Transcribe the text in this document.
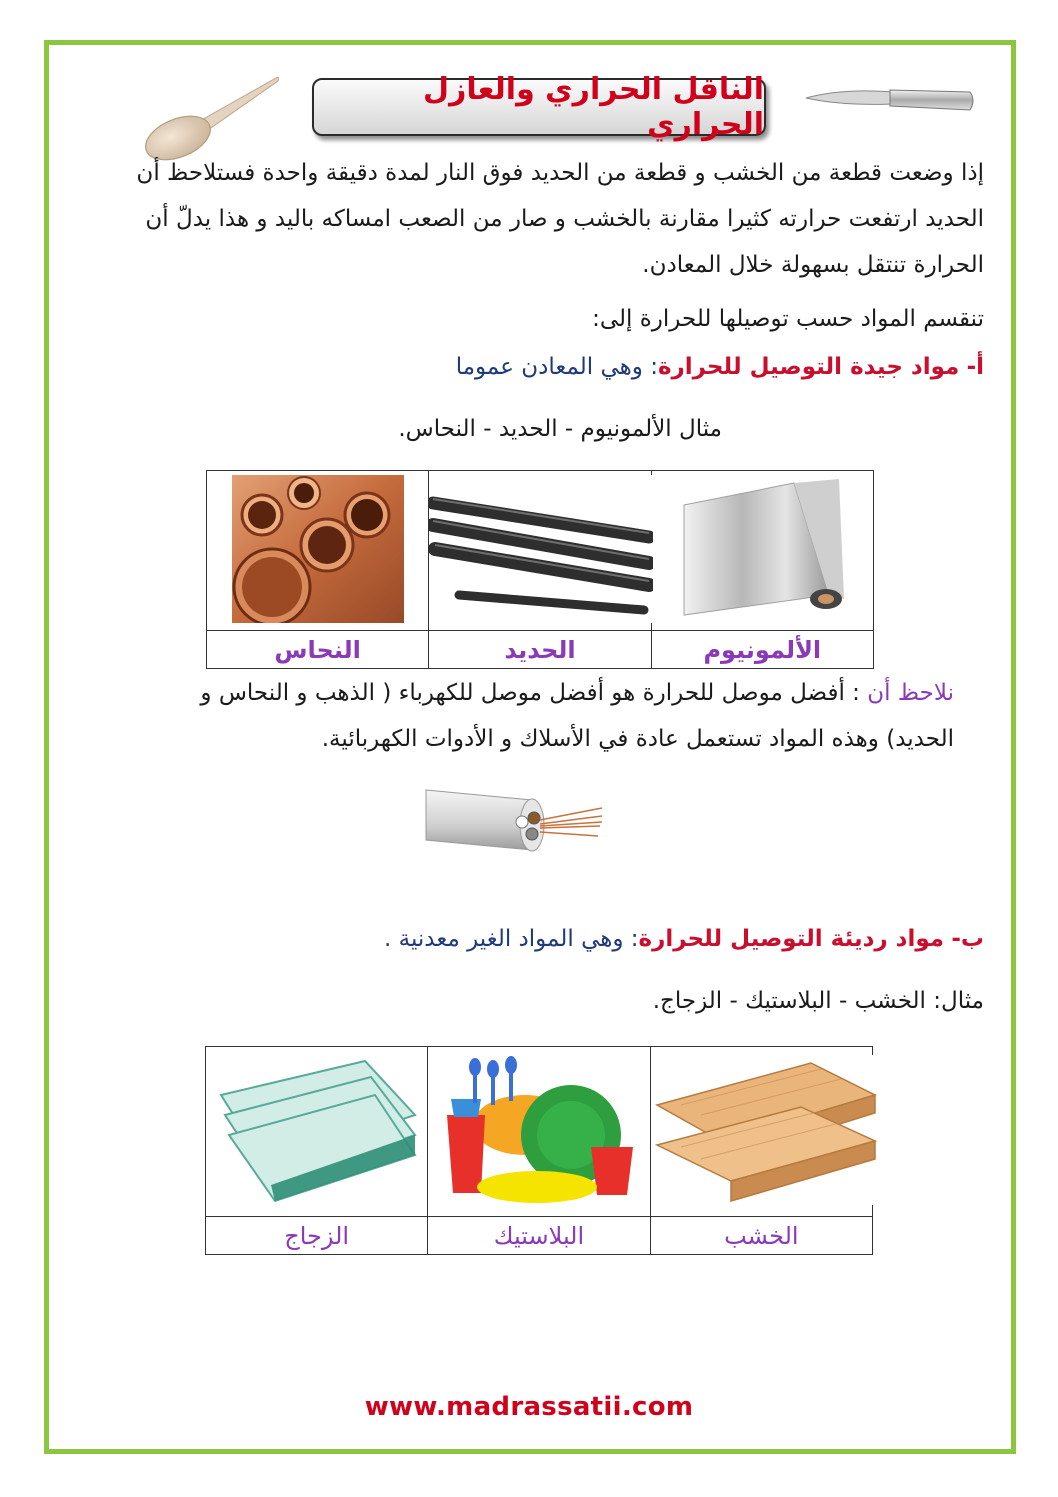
الناقل الحراري والعازل الحراري
إذا وضعت قطعة من الخشب و قطعة من الحديد فوق النار لمدة دقيقة واحدة فستلاحظ أن الحديد ارتفعت حرارته كثيرا مقارنة بالخشب و صار من الصعب امساكه باليد و هذا يدلّ أن الحرارة تنتقل بسهولة خلال المعادن.
تنقسم المواد حسب توصيلها للحرارة إلى:
أ- مواد جيدة التوصيل للحرارة: وهي المعادن عموما
مثال الألمونيوم - الحديد - النحاس.

النحاس	الحديد	الألمونيوم
نلاحظ أن : أفضل موصل للحرارة هو أفضل موصل للكهرباء ( الذهب و النحاس و الحديد) وهذه المواد تستعمل عادة في الأسلاك و الأدوات الكهربائية.
ب- مواد رديئة التوصيل للحرارة: وهي المواد الغير معدنية .
مثال: الخشب - البلاستيك - الزجاج.

الزجاج	البلاستيك	الخشب
www.madrassatii.com
